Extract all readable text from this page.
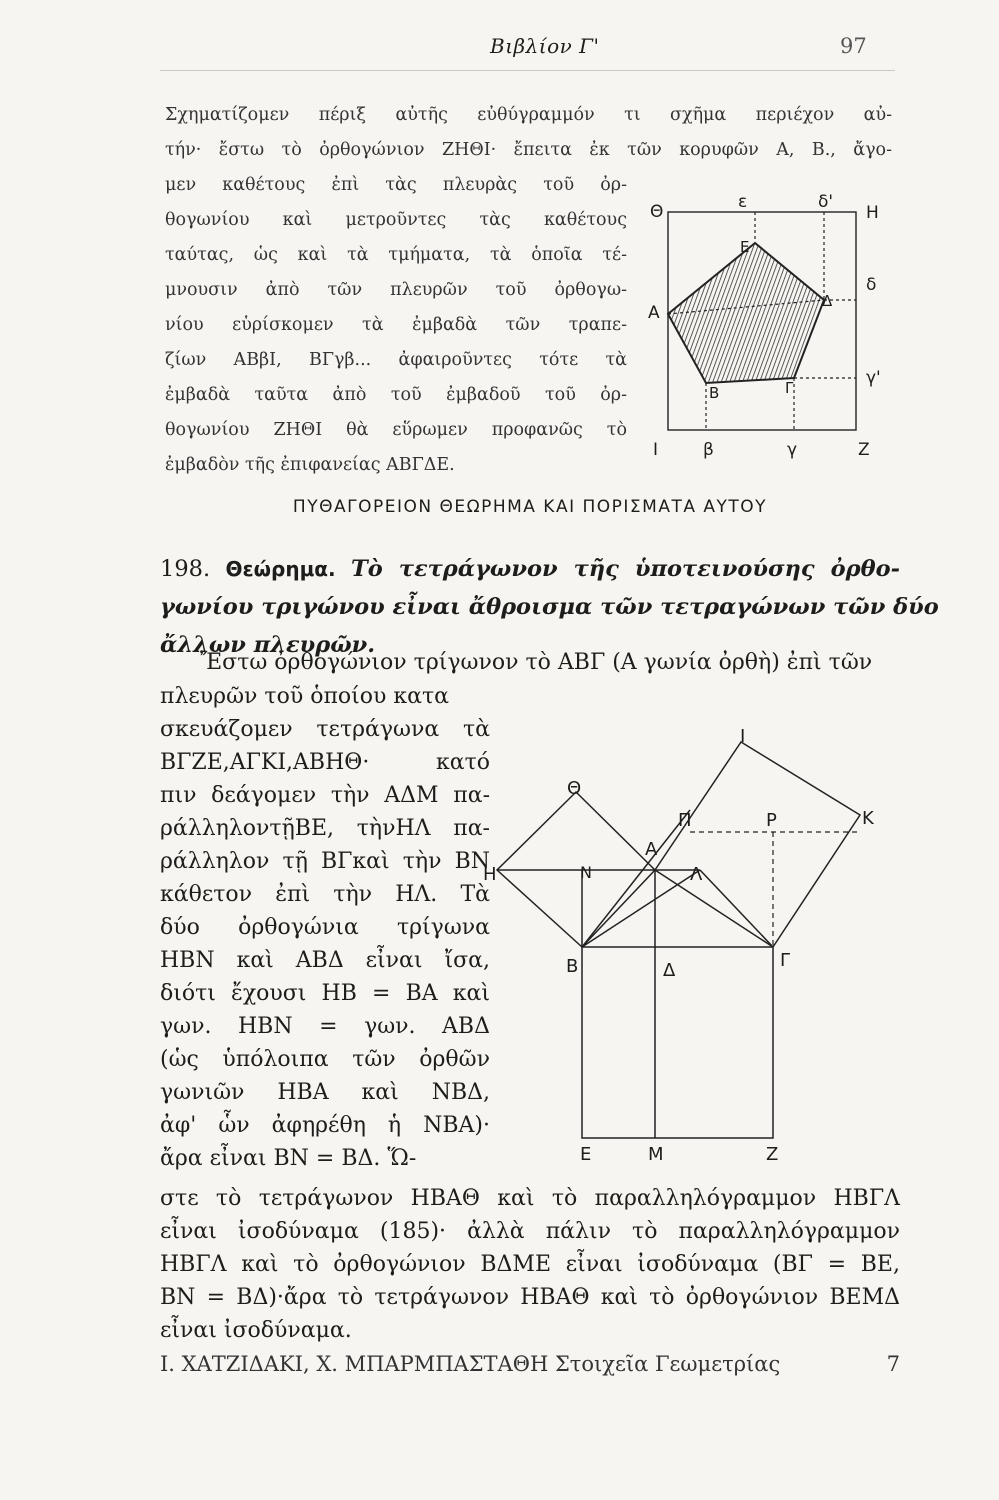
Βιβλίον Γ'	97
Σχηματίζομεν πέριξ αὐτῆς εὐθύγραμμόν τι σχῆμα περιέχον αὐ-
τήν· ἔστω τὸ ὀρθογώνιον ΖΗΘΙ· ἔπειτα ἐκ τῶν κορυφῶν Α, Β., ἄγο-
μεν καθέτους ἐπὶ τὰς πλευρὰς τοῦ ὀρ-
θογωνίου καὶ μετροῦντες τὰς καθέτους
ταύτας, ὡς καὶ τὰ τμήματα, τὰ ὁποῖα τέ-
μνουσιν ἀπὸ τῶν πλευρῶν τοῦ ὀρθογω-
νίου εὑρίσκομεν τὰ ἐμβαδὰ τῶν τραπε-
ζίων ΑΒβΙ, ΒΓγβ... ἀφαιροῦντες τότε τὰ
ἐμβαδὰ ταῦτα ἀπὸ τοῦ ἐμβαδοῦ τοῦ ὀρ-
θογωνίου ΖΗΘΙ θὰ εὕρωμεν προφανῶς τὸ
ἐμβαδὸν τῆς ἐπιφανείας ΑΒΓΔΕ.
Θ	ε	δ'
Η
Ε
δ
Δ
Α
γ'
Β	Γ
Ι	β	γ	Ζ
ΠΥΘΑΓΟΡΕΙΟΝ ΘΕΩΡΗΜΑ ΚΑΙ ΠΟΡΙΣΜΑΤΑ ΑΥΤΟΥ
198. Θεώρημα. Τὸ τετράγωνον τῆς ὑποτεινούσης ὀρθο-
γωνίου τριγώνου εἶναι ἄθροισμα τῶν τετραγώνων τῶν δύο
ἄλλων πλευρῶν.
Ἔστω ὀρθογώνιον τρίγωνον τὸ ΑΒΓ (Α γωνία ὀρθὴ) ἐπὶ τῶν
πλευρῶν τοῦ ὁποίου κατα
σκευάζομεν τετράγωνα τὰ
ΒΓΖΕ,ΑΓΚΙ,ΑΒΗΘ· κατό
πιν δεάγομεν τὴν ΑΔΜ πα-
ράλληλοντῇΒΕ, τὴνΗΛ πα-
ράλληλον τῇ ΒΓκαὶ τὴν ΒΝ
κάθετον ἐπὶ τὴν ΗΛ. Τὰ
δύο ὀρθογώνια τρίγωνα
ΗΒΝ καὶ ΑΒΔ εἶναι ἴσα,
διότι ἔχουσι ΗΒ = ΒΑ καὶ
γων. ΗΒΝ = γων. ΑΒΔ
(ὡς ὑπόλοιπα τῶν ὀρθῶν
γωνιῶν ΗΒΑ καὶ ΝΒΔ,
ἀφ' ὧν ἀφηρέθη ἡ ΝΒΑ)·
ἄρα εἶναι ΒΝ = ΒΔ. Ὥ-
Ι
Θ
Π	Ρ	Κ
Α
Η	Ν	Λ
Β	Δ	Γ
Ε	Μ	Ζ
στε τὸ τετράγωνον ΗΒΑΘ καὶ τὸ παραλληλόγραμμον ΗΒΓΛ
εἶναι ἰσοδύναμα (185)· ἀλλὰ πάλιν τὸ παραλληλόγραμμον
ΗΒΓΛ καὶ τὸ ὀρθογώνιον ΒΔΜΕ εἶναι ἰσοδύναμα (ΒΓ = ΒΕ,
ΒΝ = ΒΔ)·ἄρα τὸ τετράγωνον ΗΒΑΘ καὶ τὸ ὀρθογώνιον ΒΕΜΔ
εἶναι ἰσοδύναμα.
Ι. ΧΑΤΖΙΔΑΚΙ, Χ. ΜΠΑΡΜΠΑΣΤΑΘΗ Στοιχεῖα Γεωμετρίας	7
